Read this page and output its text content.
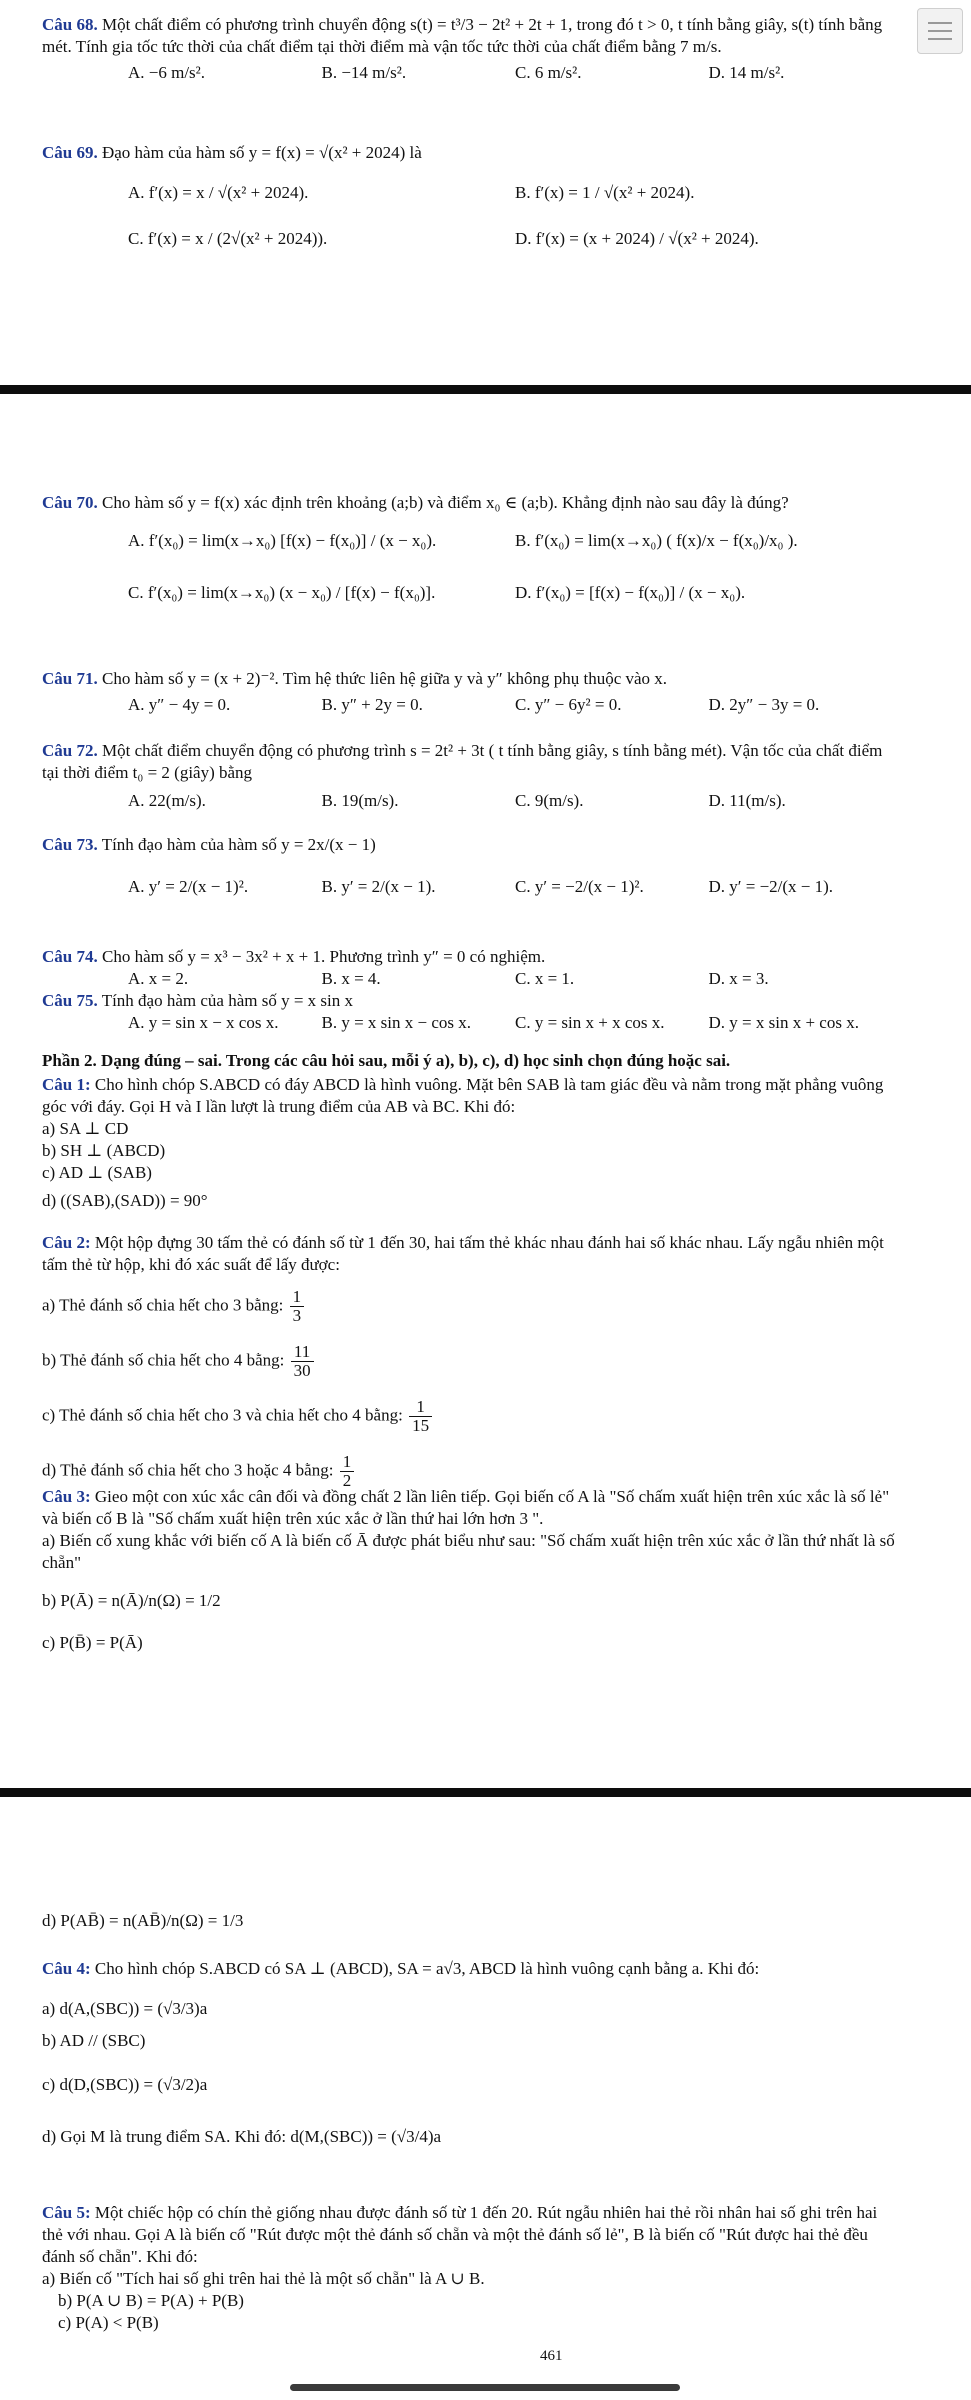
Câu 68. Một chất điểm có phương trình chuyển động s(t) = t³/3 − 2t² + 2t + 1, trong đó t > 0, t tính bằng giây, s(t) tính bằng mét. Tính gia tốc tức thời của chất điểm tại thời điểm mà vận tốc tức thời của chất điểm bằng 7 m/s.
A. −6 m/s².	B. −14 m/s².	C. 6 m/s².	D. 14 m/s².
Câu 69. Đạo hàm của hàm số y = f(x) = √(x² + 2024) là
A. f′(x) = x / √(x² + 2024).	B. f′(x) = 1 / √(x² + 2024).
C. f′(x) = x / (2√(x² + 2024)).	D. f′(x) = (x + 2024) / √(x² + 2024).
Câu 70. Cho hàm số y = f(x) xác định trên khoảng (a;b) và điểm x₀ ∈ (a;b). Khẳng định nào sau đây là đúng?
A. f′(x₀) = lim(x→x₀) [f(x) − f(x₀)] / (x − x₀).	B. f′(x₀) = lim(x→x₀) ( f(x)/x − f(x₀)/x₀ ).
C. f′(x₀) = lim(x→x₀) (x − x₀) / [f(x) − f(x₀)].	D. f′(x₀) = [f(x) − f(x₀)] / (x − x₀).
Câu 71. Cho hàm số y = (x + 2)⁻². Tìm hệ thức liên hệ giữa y và y″ không phụ thuộc vào x.
A. y″ − 4y = 0.	B. y″ + 2y = 0.	C. y″ − 6y² = 0.	D. 2y″ − 3y = 0.
Câu 72. Một chất điểm chuyển động có phương trình s = 2t² + 3t ( t tính bằng giây, s tính bằng mét). Vận tốc của chất điểm tại thời điểm t₀ = 2 (giây) bằng
A. 22(m/s).	B. 19(m/s).	C. 9(m/s).	D. 11(m/s).
Câu 73. Tính đạo hàm của hàm số y = 2x/(x − 1)
A. y′ = 2/(x − 1)².	B. y′ = 2/(x − 1).	C. y′ = −2/(x − 1)².	D. y′ = −2/(x − 1).
Câu 74. Cho hàm số y = x³ − 3x² + x + 1. Phương trình y″ = 0 có nghiệm.
A. x = 2.	B. x = 4.	C. x = 1.	D. x = 3.
Câu 75. Tính đạo hàm của hàm số y = x sin x
A. y = sin x − x cos x.	B. y = x sin x − cos x.	C. y = sin x + x cos x.	D. y = x sin x + cos x.
Phần 2. Dạng đúng – sai. Trong các câu hỏi sau, mỗi ý a), b), c), d) học sinh chọn đúng hoặc sai.
Câu 1: Cho hình chóp S.ABCD có đáy ABCD là hình vuông. Mặt bên SAB là tam giác đều và nằm trong mặt phẳng vuông góc với đáy. Gọi H và I lần lượt là trung điểm của AB và BC. Khi đó:
a) SA ⊥ CD
b) SH ⊥ (ABCD)
c) AD ⊥ (SAB)
d) ((SAB),(SAD)) = 90°
Câu 2: Một hộp đựng 30 tấm thẻ có đánh số từ 1 đến 30, hai tấm thẻ khác nhau đánh hai số khác nhau. Lấy ngẫu nhiên một tấm thẻ từ hộp, khi đó xác suất để lấy được:
a) Thẻ đánh số chia hết cho 3 bằng: $\frac{1}{3}$
b) Thẻ đánh số chia hết cho 4 bằng: $\frac{11}{30}$
c) Thẻ đánh số chia hết cho 3 và chia hết cho 4 bằng: $\frac{1}{15}$
d) Thẻ đánh số chia hết cho 3 hoặc 4 bằng: $\frac{1}{2}$
Câu 3: Gieo một con xúc xắc cân đối và đồng chất 2 lần liên tiếp. Gọi biến cố A là "Số chấm xuất hiện trên xúc xắc là số lẻ" và biến cố B là "Số chấm xuất hiện trên xúc xắc ở lần thứ hai lớn hơn 3 ".
a) Biến cố xung khắc với biến cố A là biến cố Ā được phát biểu như sau: "Số chấm xuất hiện trên xúc xắc ở lần thứ nhất là số chẵn"
b) P(Ā) = n(Ā)/n(Ω) = 1/2
c) P(B̄) = P(Ā)
d) P(AB̄) = n(AB̄)/n(Ω) = 1/3
Câu 4: Cho hình chóp S.ABCD có SA ⊥ (ABCD), SA = a√3, ABCD là hình vuông cạnh bằng a. Khi đó:
a) d(A,(SBC)) = (√3/3)a
b) AD // (SBC)
c) d(D,(SBC)) = (√3/2)a
d) Gọi M là trung điểm SA. Khi đó: d(M,(SBC)) = (√3/4)a
Câu 5: Một chiếc hộp có chín thẻ giống nhau được đánh số từ 1 đến 20. Rút ngẫu nhiên hai thẻ rồi nhân hai số ghi trên hai thẻ với nhau. Gọi A là biến cố "Rút được một thẻ đánh số chẵn và một thẻ đánh số lẻ", B là biến cố "Rút được hai thẻ đều đánh số chẵn". Khi đó:
a) Biến cố "Tích hai số ghi trên hai thẻ là một số chẵn" là A ∪ B.
b) P(A ∪ B) = P(A) + P(B)
c) P(A) < P(B)
461
